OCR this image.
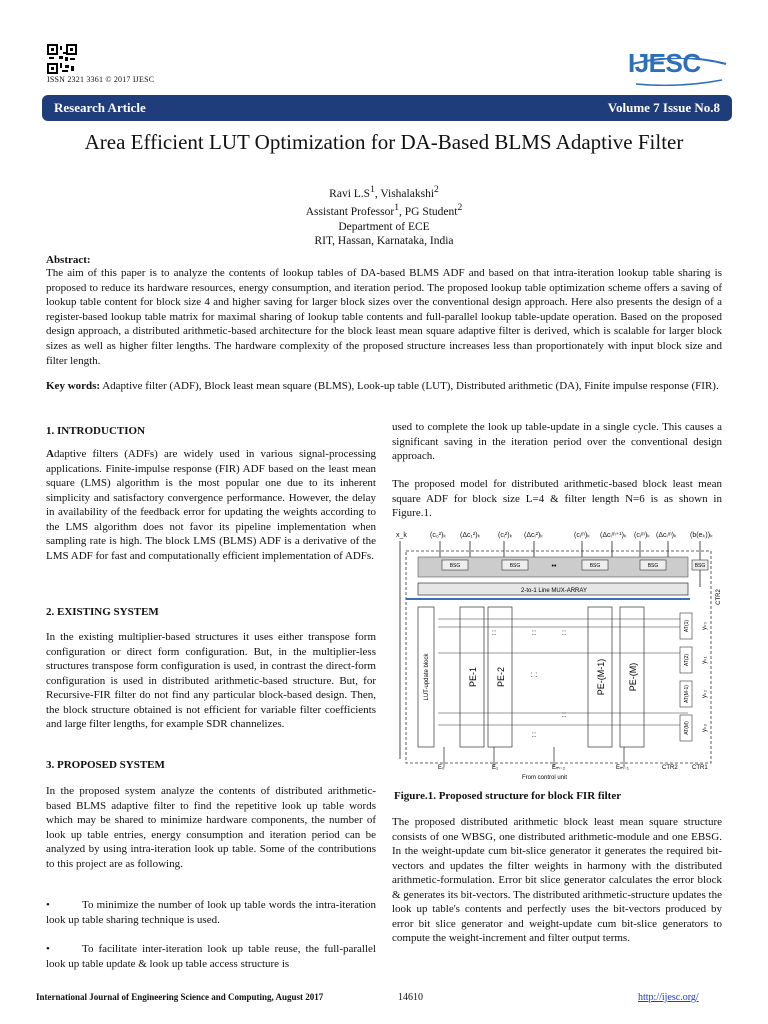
ISSN 2321 3361 © 2017 IJESC
IJESC
Research Article	Volume 7 Issue No.8
Area Efficient LUT Optimization for DA-Based BLMS Adaptive Filter
Ravi $L.S^1$, Vishalakshi$^2$
Assistant Professor$^1$, PG Student$^2$
Department of ECE
RIT, Hassan, Karnataka, India
Abstract:
The aim of this paper is to analyze the contents of lookup tables of DA-based BLMS ADF and based on that intra-iteration lookup table sharing is proposed to reduce its hardware resources, energy consumption, and iteration period. The proposed lookup table optimization scheme offers a saving of lookup table content for block size 4 and higher saving for larger block sizes over the conventional design approach. Here also presents the design of a register-based lookup table matrix for maximal sharing of lookup table contents and full-parallel lookup table-update operation. Based on the proposed design approach, a distributed arithmetic-based architecture for the block least mean square adaptive filter is derived, which is scalable for larger block sizes as well as higher filter lengths. The hardware complexity of the proposed structure increases less than proportionately with input block size and filter length.
Key words: Adaptive filter (ADF), Block least mean square (BLMS), Look-up table (LUT), Distributed arithmetic (DA), Finite impulse response (FIR).
1. INTRODUCTION
Adaptive filters (ADFs) are widely used in various signal-processing applications. Finite-impulse response (FIR) ADF based on the least mean square (LMS) algorithm is the most popular one due to its inherent simplicity and satisfactory convergence performance. However, the delay in availability of the feedback error for updating the weights according to the LMS algorithm does not favor its pipeline implementation when sampling rate is high. The block LMS (BLMS) ADF is a derivative of the LMS ADF for fast and computationally efficient implementation of ADFs.
2. EXISTING SYSTEM
In the existing multiplier-based structures it uses either transpose form configuration or direct form configuration. But, in the multiplier-less structures transpose form configuration is used, in contrast the direct-form configuration is used in distributed arithmetic-based structure. But, for Recursive-FIR filter do not find any particular block-based design. Then, the block structure obtained is not efficient for variable filter coefficients and large filter lengths, for example SDR channelizes.
3. PROPOSED SYSTEM
In the proposed system analyze the contents of distributed arithmetic-based BLMS adaptive filter to find the repetitive look up table words which may be shared to minimize hardware components, the number of look up table entries, energy consumption and iteration period can be analyzed by using intra-iteration look up table. Some of the contributions to this project are as following.
•	To minimize the number of look up table words the intra-iteration look up table sharing technique is used.
•	To facilitate inter-iteration look up table reuse, the full-parallel look up table update & look up table access structure is
used to complete the look up table-update in a single cycle. This causes a significant saving in the iteration period over the conventional design approach.
The proposed model for distributed arithmetic-based block least mean square ADF for block size L=4 & filter length N=6 is as shown in Figure.1.
x_k	(c₀²)ₖ (Δc₁²)ₖ (cᵢ²)ₖ (Δcᵢ²)ₖ	(cᵢᵐ)ₖ (Δcᵢᵐ⁺¹)ₖ (cᵢᵐ)ₖ (Δcᵢᵐ)ₖ (b(eₖ))ₖ
BSG	BSG	BSG	BSG	BSG
••
2-to-1 Line MUX-ARRAY
LUT-update block	PE-1 PE-2	PE-(M-1) PE-(M)
::	::	::
: :
::
::
AT(1)
AT(2)
AT(M-1)
AT(M)
yₖ₀
yₖ₁
yₖ₂
yₖ₃
CTR2
E₀	E₁	Eₘ₋₂	Eₘ₋₁	CTR2 CTR1
From control unit
Figure.1. Proposed structure for block FIR filter
The proposed distributed arithmetic block least mean square structure consists of one WBSG, one distributed arithmetic-module and one EBSG. In the weight-update cum bit-slice generator it generates the required bit-vectors and updates the filter weights in harmony with the distributed arithmetic-formulation. Error bit slice generator calculates the error block & generates its bit-vectors. The distributed arithmetic-structure updates the look up table's contents and perfectly uses the bit-vectors produced by error bit slice generator and weight-update cum bit-slice generators to compute the weight-increment and filter output terms.
International Journal of Engineering Science and Computing, August 2017	14610	http://ijesc.org/
